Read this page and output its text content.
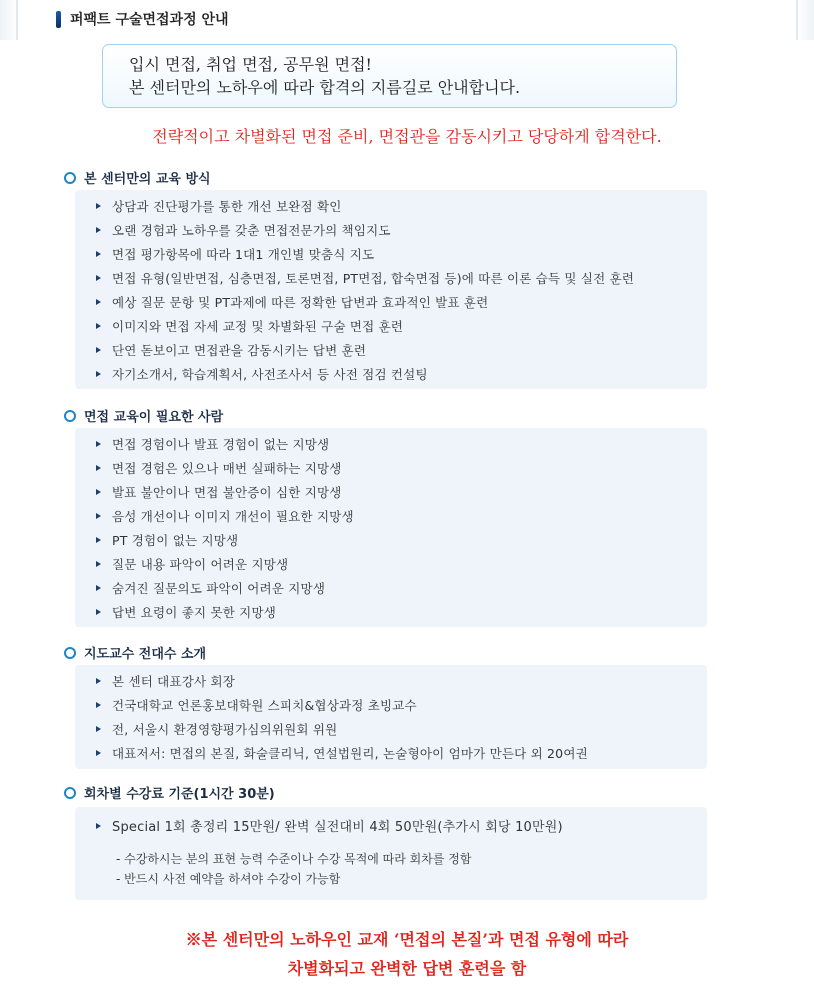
퍼팩트 구술면접과정 안내
입시 면접, 취업 면접, 공무원 면접!
본 센터만의 노하우에 따라 합격의 지름길로 안내합니다.
전략적이고 차별화된 면접 준비, 면접관을 감동시키고 당당하게 합격한다.
본 센터만의 교육 방식
상담과 진단평가를 통한 개선 보완점 확인
오랜 경험과 노하우를 갖춘 면접전문가의 책임지도
면접 평가항목에 따라 1대1 개인별 맞춤식 지도
면접 유형(일반면접, 심층면접, 토론면접, PT면접, 합숙면접 등)에 따른 이론 습득 및 실전 훈련
예상 질문 문항 및 PT과제에 따른 정확한 답변과 효과적인 발표 훈련
이미지와 면접 자세 교정 및 차별화된 구술 면접 훈련
단연 돋보이고 면접관을 감동시키는 답변 훈련
자기소개서, 학습계획서, 사전조사서 등 사전 점검 컨설팅
면접 교육이 필요한 사람
면접 경험이나 발표 경험이 없는 지망생
면접 경험은 있으나 매번 실패하는 지망생
발표 불안이나 면접 불안증이 심한 지망생
음성 개선이나 이미지 개선이 필요한 지망생
PT 경험이 없는 지망생
질문 내용 파악이 어려운 지망생
숨겨진 질문의도 파악이 어려운 지망생
답변 요령이 좋지 못한 지망생
지도교수 전대수 소개
본 센터 대표강사 회장
건국대학교 언론홍보대학원 스피치&협상과정 초빙교수
전, 서울시 환경영향평가심의위원회 위원
대표저서: 면접의 본질, 화술클리닉, 연설법원리, 논술형아이 엄마가 만든다 외 20여권
회차별 수강료 기준(1시간 30분)
Special 1회 총정리 15만원/ 완벽 실전대비 4회 50만원(추가시 회당 10만원)
- 수강하시는 분의 표현 능력 수준이나 수강 목적에 따라 회차를 정함
- 반드시 사전 예약을 하셔야 수강이 가능함
※본 센터만의 노하우인 교재 ‘면접의 본질’과 면접 유형에 따라
차별화되고 완벽한 답변 훈련을 함
